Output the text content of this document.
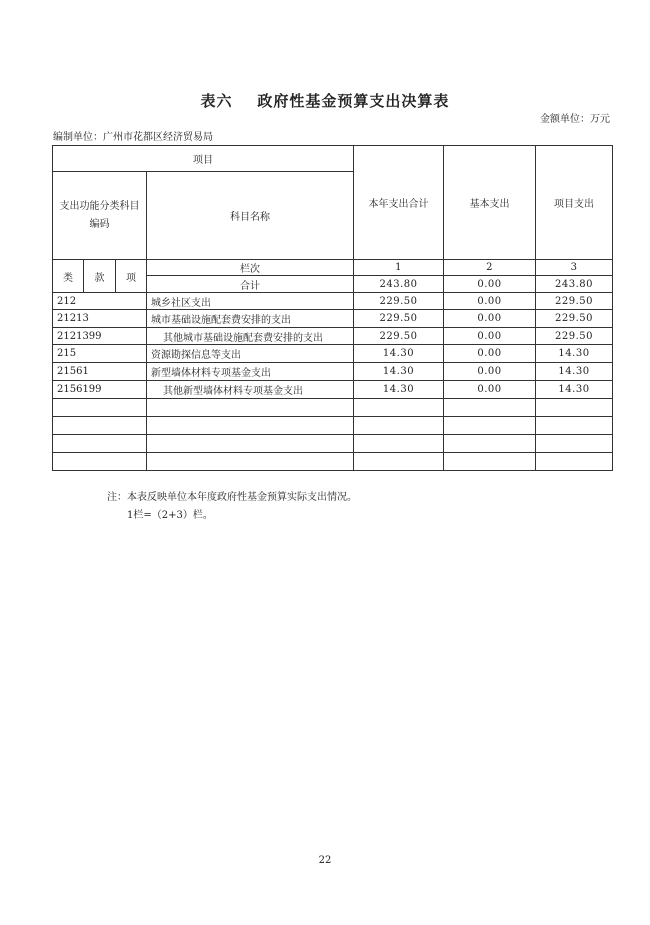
表六    政府性基金预算支出决算表
金额单位：万元
编制单位：广州市花都区经济贸易局
项目				本年支出合计	基本支出	项目支出
支出功能分类科目编码			科目名称			
类	款	项	栏次	1	2	3
			合计	243.80	0.00	243.80
212			城乡社区支出	229.50	0.00	229.50
21213			城市基础设施配套费安排的支出	229.50	0.00	229.50
2121399			其他城市基础设施配套费安排的支出	229.50	0.00	229.50
215			资源勘探信息等支出	14.30	0.00	14.30
21561			新型墙体材料专项基金支出	14.30	0.00	14.30
2156199			其他新型墙体材料专项基金支出	14.30	0.00	14.30

注：本表反映单位本年度政府性基金预算实际支出情况。
1栏=（2+3）栏。
22
